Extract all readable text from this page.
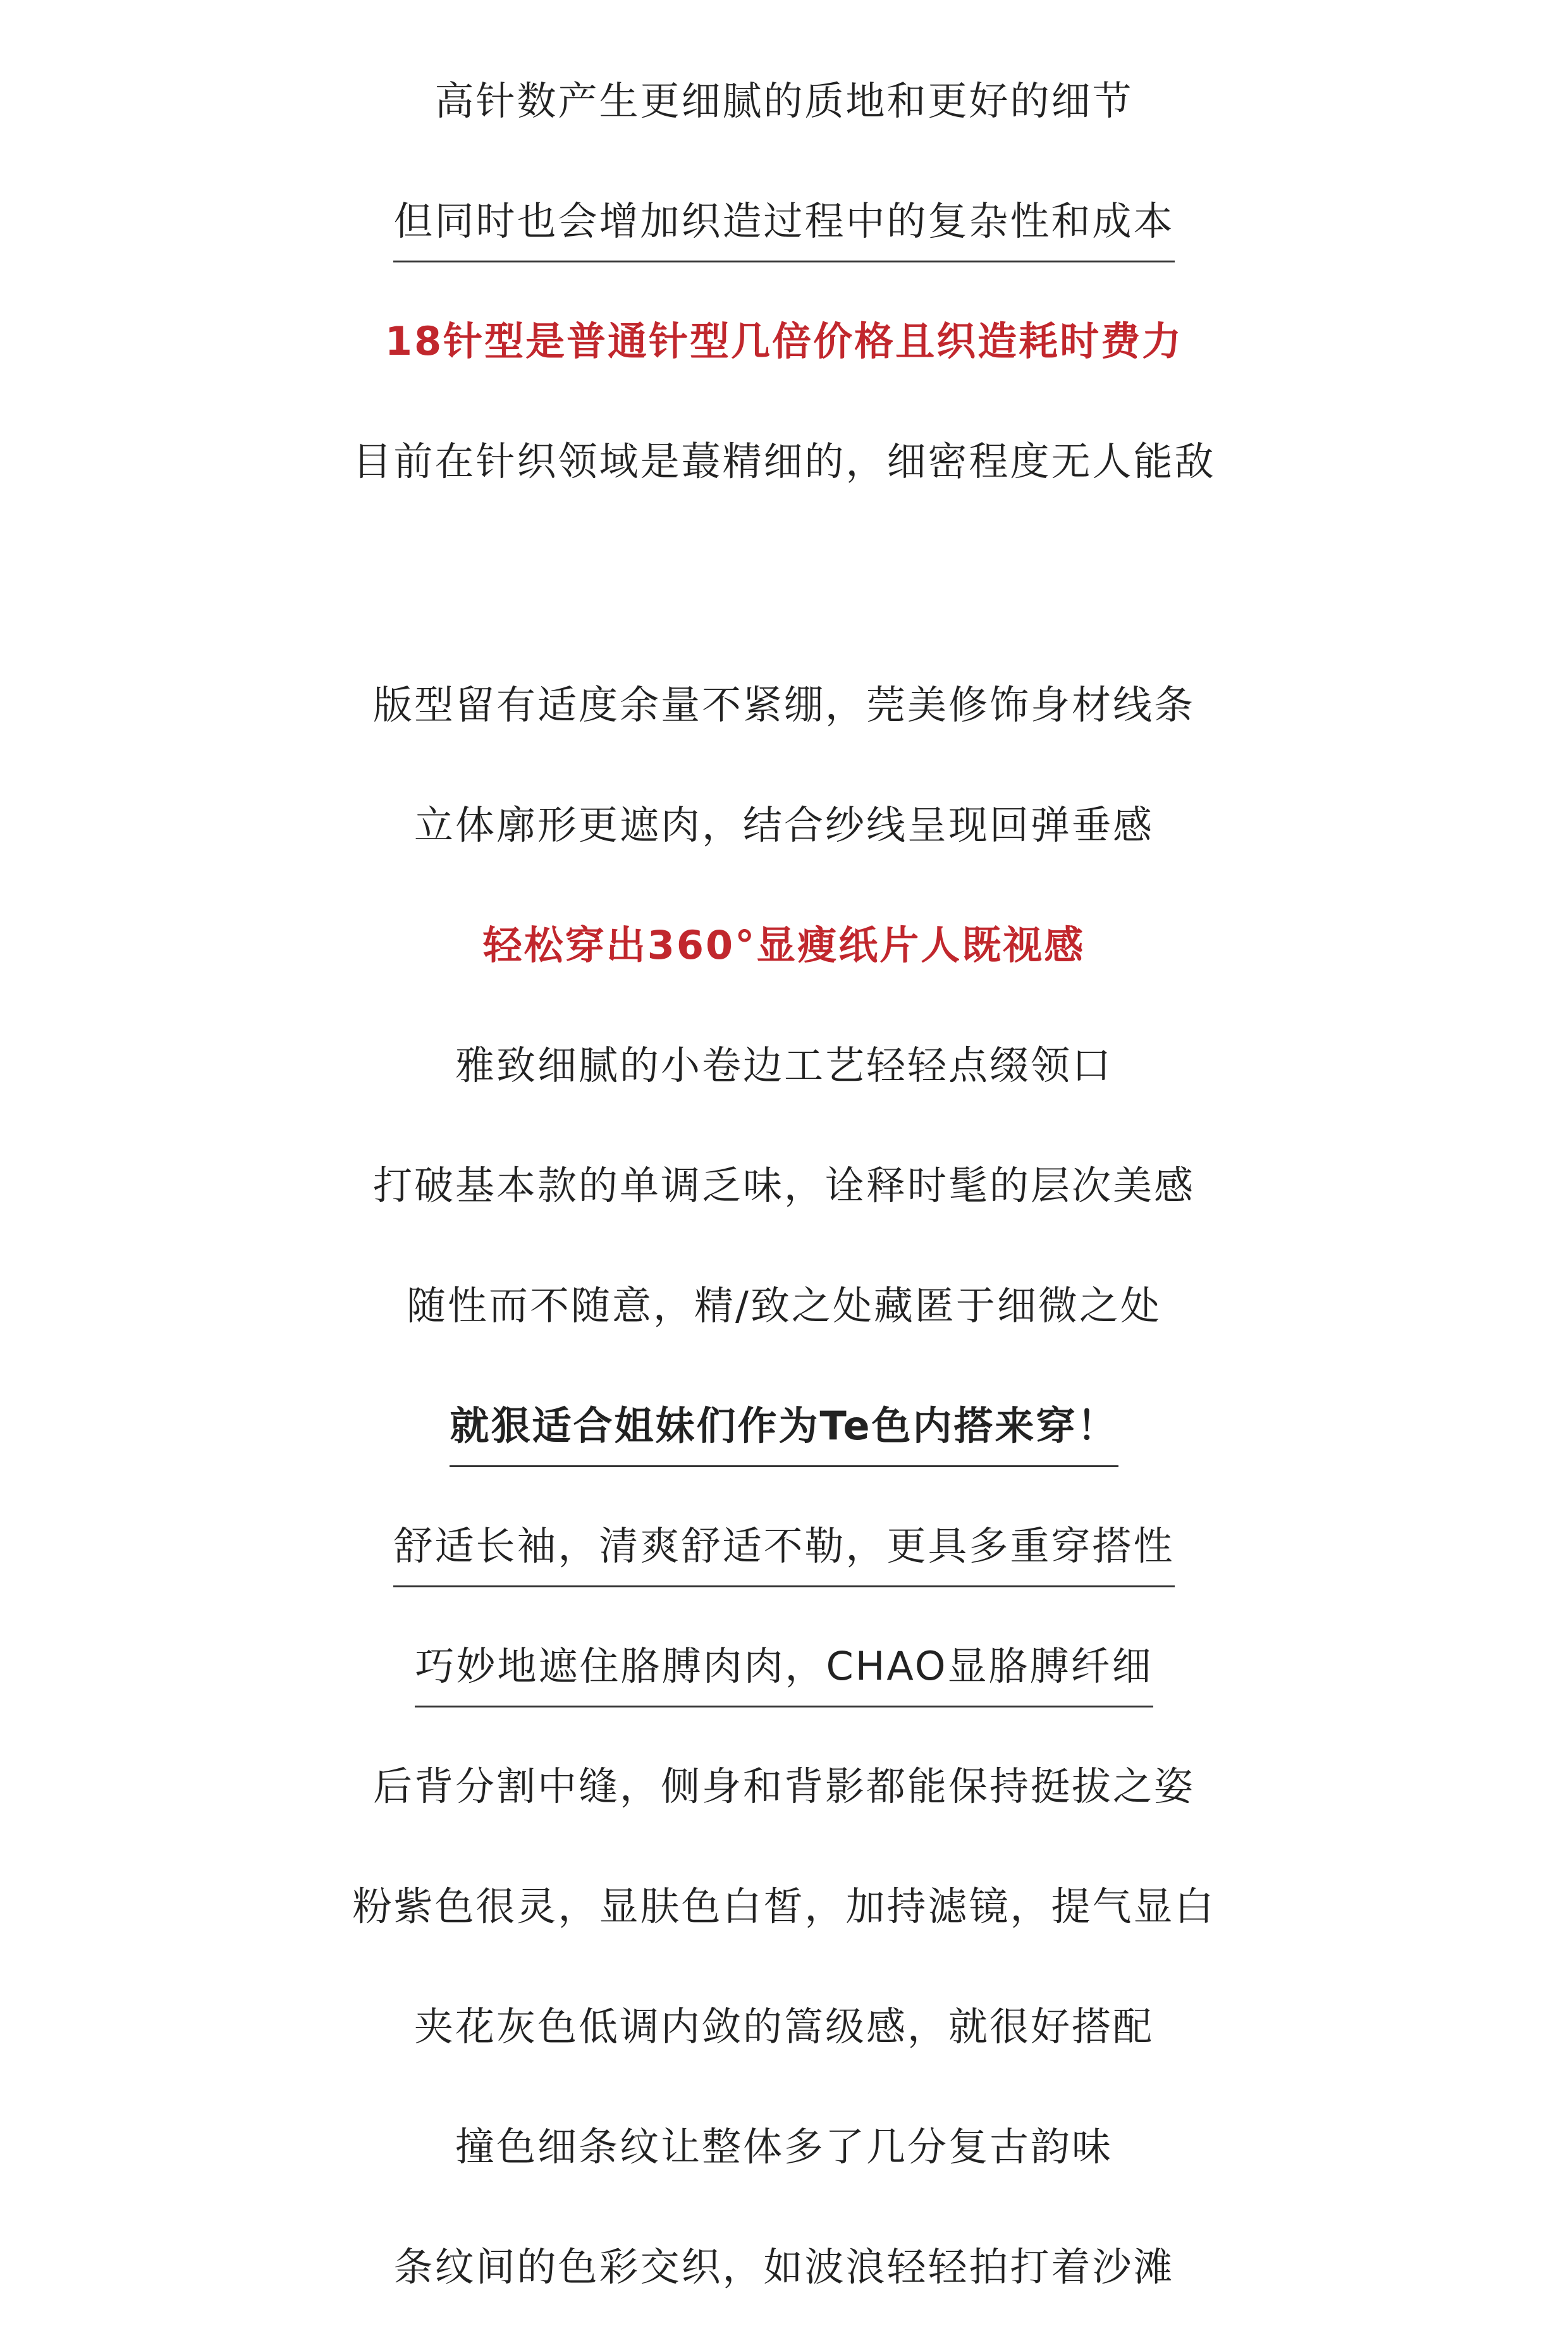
高针数产生更细腻的质地和更好的细节
但同时也会增加织造过程中的复杂性和成本
18针型是普通针型几倍价格且织造耗时费力
目前在针织领域是蕞精细的，细密程度无人能敌
版型留有适度余量不紧绷，莞美修饰身材线条
立体廓形更遮肉，结合纱线呈现回弹垂感
轻松穿出360°显瘦纸片人既视感
雅致细腻的小卷边工艺轻轻点缀领口
打破基本款的单调乏味，诠释时髦的层次美感
随性而不随意，精/致之处藏匿于细微之处
就狠适合姐妹们作为Te色内搭来穿！
舒适长袖，清爽舒适不勒，更具多重穿搭性
巧妙地遮住胳膊肉肉，CHAO显胳膊纤细
后背分割中缝，侧身和背影都能保持挺拔之姿
粉紫色很灵，显肤色白皙，加持滤镜，提气显白
夹花灰色低调内敛的篙级感，就很好搭配
撞色细条纹让整体多了几分复古韵味
条纹间的色彩交织，如波浪轻轻拍打着沙滩
